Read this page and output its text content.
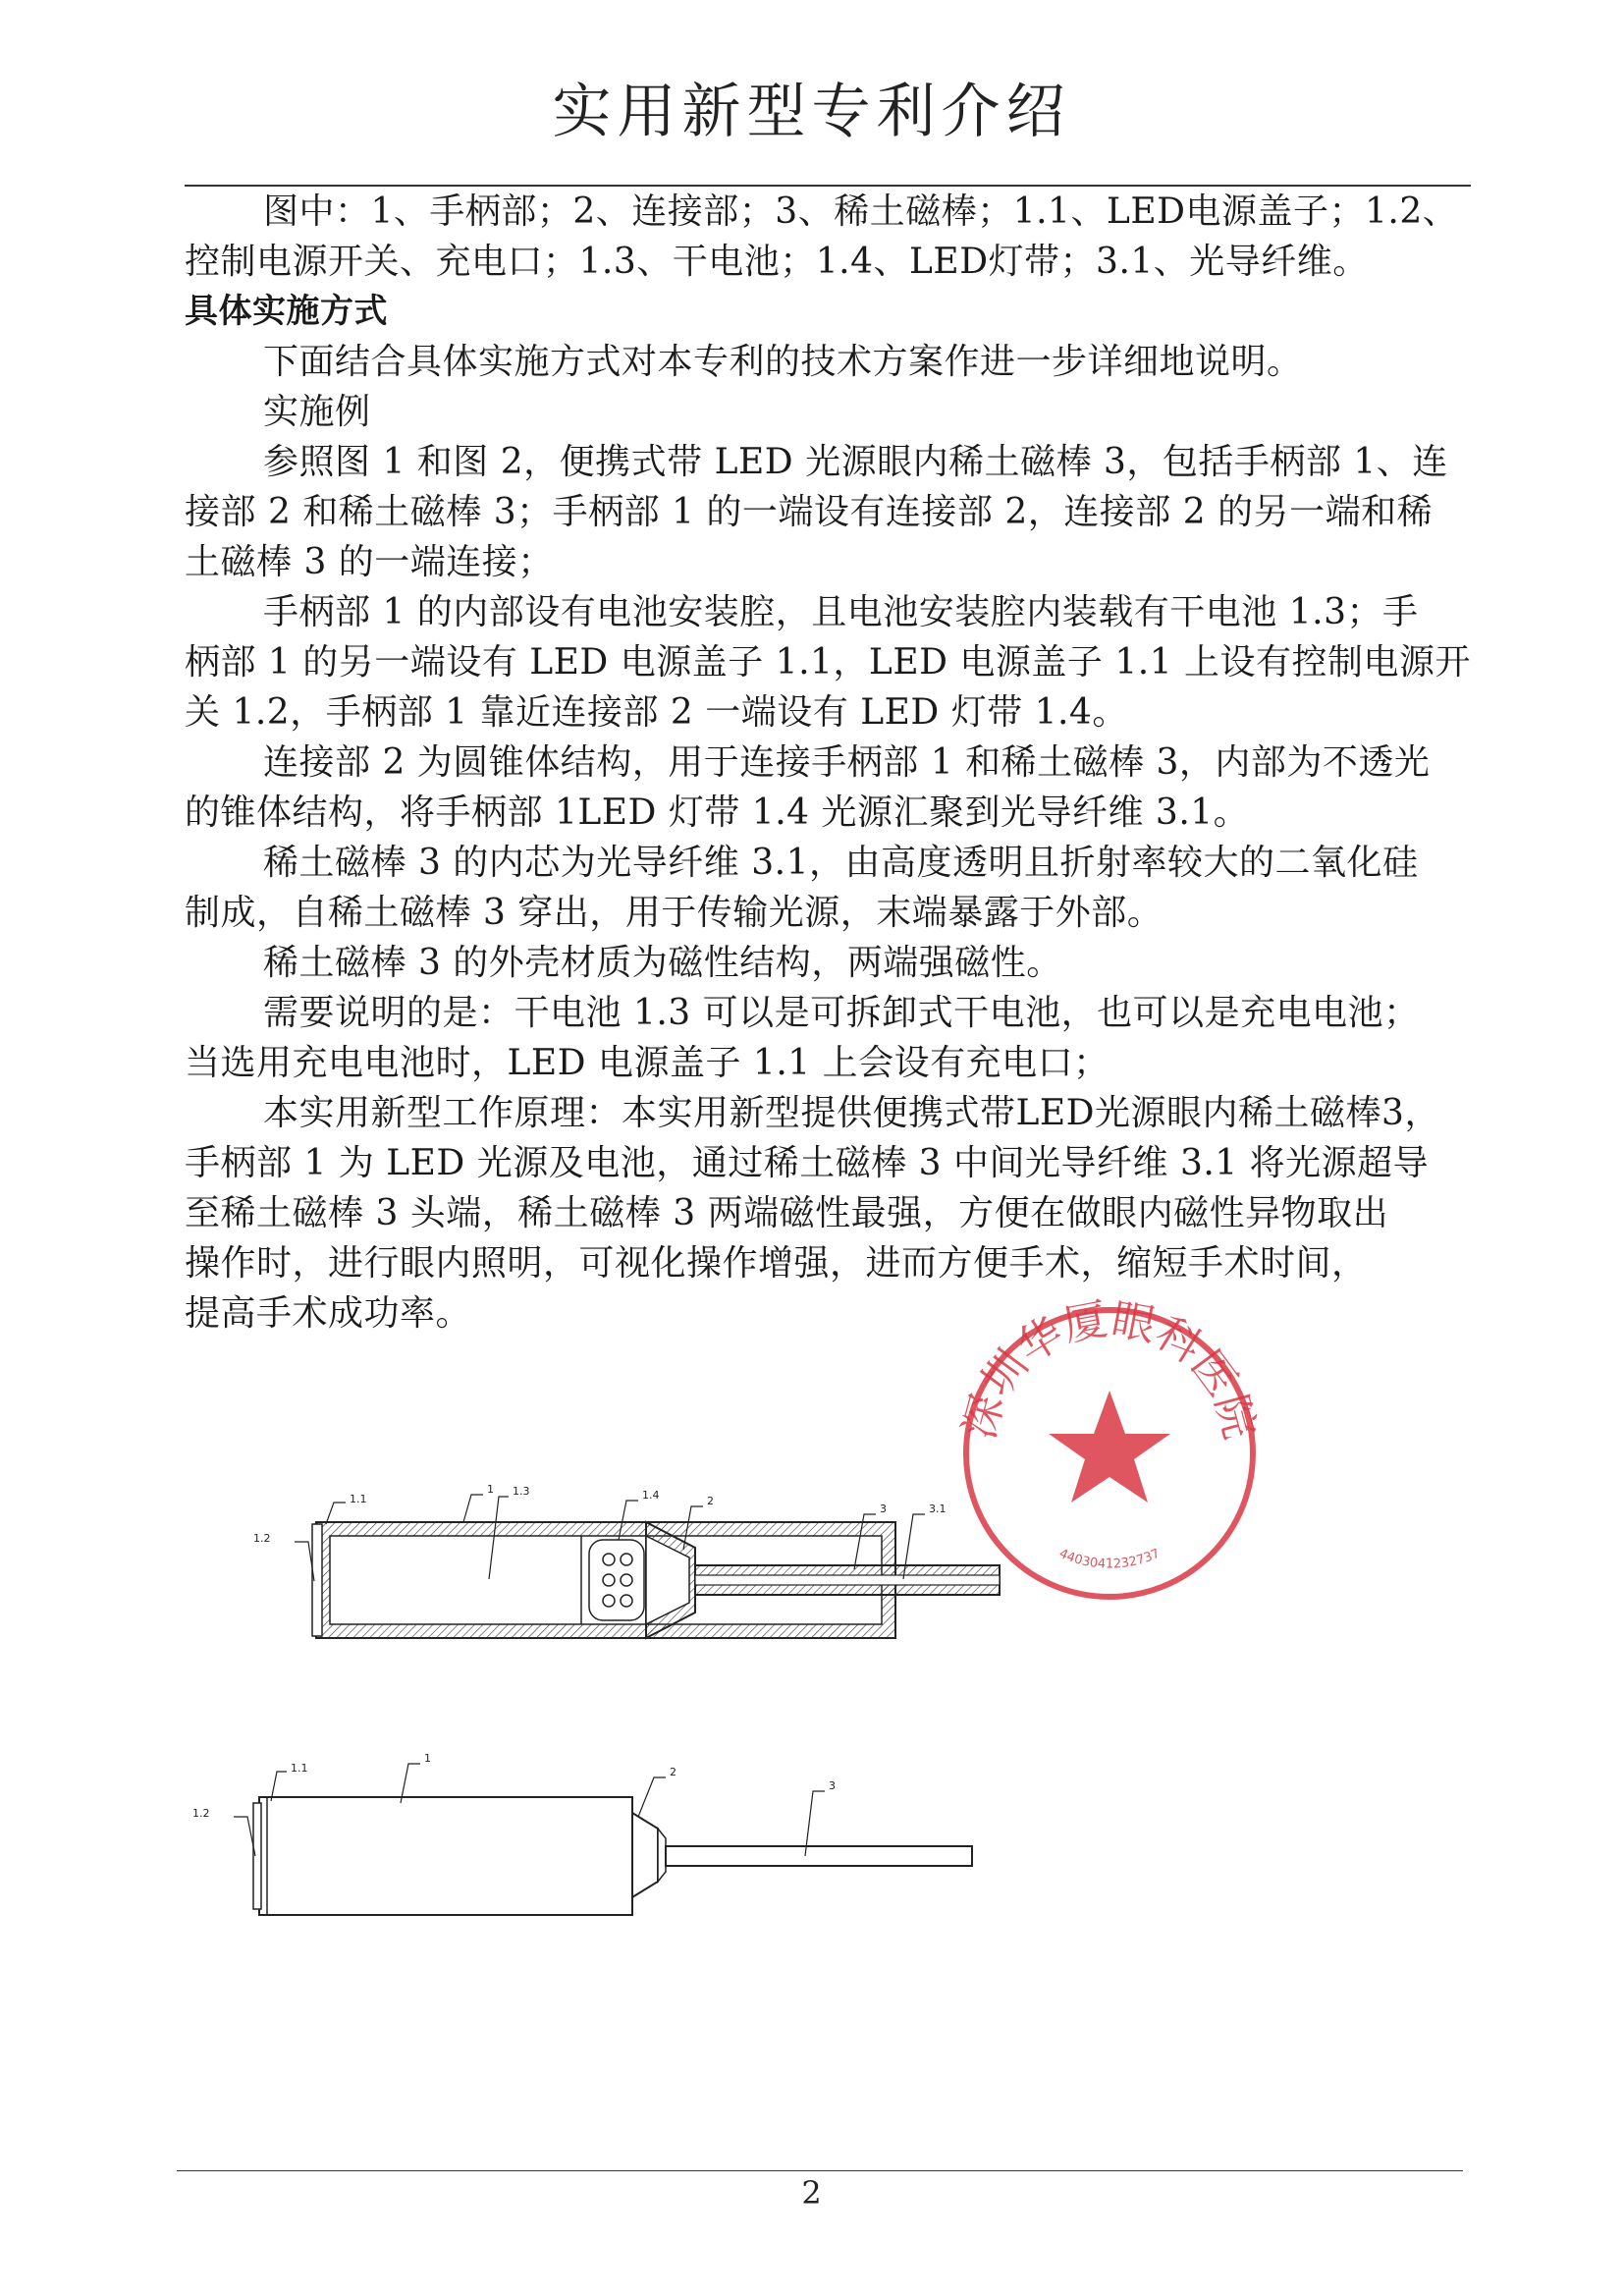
实用新型专利介绍
图中：1、手柄部；2、连接部；3、稀土磁棒；1.1、LED电源盖子；1.2、
控制电源开关、充电口；1.3、干电池；1.4、LED灯带；3.1、光导纤维。
具体实施方式
下面结合具体实施方式对本专利的技术方案作进一步详细地说明。
实施例
参照图 1 和图 2，便携式带 LED 光源眼内稀土磁棒 3，包括手柄部 1、连
接部 2 和稀土磁棒 3；手柄部 1 的一端设有连接部 2，连接部 2 的另一端和稀
土磁棒 3 的一端连接；
手柄部 1 的内部设有电池安装腔，且电池安装腔内装载有干电池 1.3；手
柄部 1 的另一端设有 LED 电源盖子 1.1，LED 电源盖子 1.1 上设有控制电源开
关 1.2，手柄部 1 靠近连接部 2 一端设有 LED 灯带 1.4。
连接部 2 为圆锥体结构，用于连接手柄部 1 和稀土磁棒 3，内部为不透光
的锥体结构，将手柄部 1LED 灯带 1.4 光源汇聚到光导纤维 3.1。
稀土磁棒 3 的内芯为光导纤维 3.1，由高度透明且折射率较大的二氧化硅
制成，自稀土磁棒 3 穿出，用于传输光源，末端暴露于外部。
稀土磁棒 3 的外壳材质为磁性结构，两端强磁性。
需要说明的是：干电池 1.3 可以是可拆卸式干电池，也可以是充电电池；
当选用充电电池时，LED 电源盖子 1.1 上会设有充电口；
本实用新型工作原理：本实用新型提供便携式带LED光源眼内稀土磁棒3，
手柄部 1 为 LED 光源及电池，通过稀土磁棒 3 中间光导纤维 3.1 将光源超导
至稀土磁棒 3 头端，稀土磁棒 3 两端磁性最强，方便在做眼内磁性异物取出
操作时，进行眼内照明，可视化操作增强，进而方便手术，缩短手术时间，
提高手术成功率。
1.1
1 1.3	1.4	2
3	3.1
1.2
1.1
1
2
3
1.2
深圳华厦眼科医院
4403041232737
2
